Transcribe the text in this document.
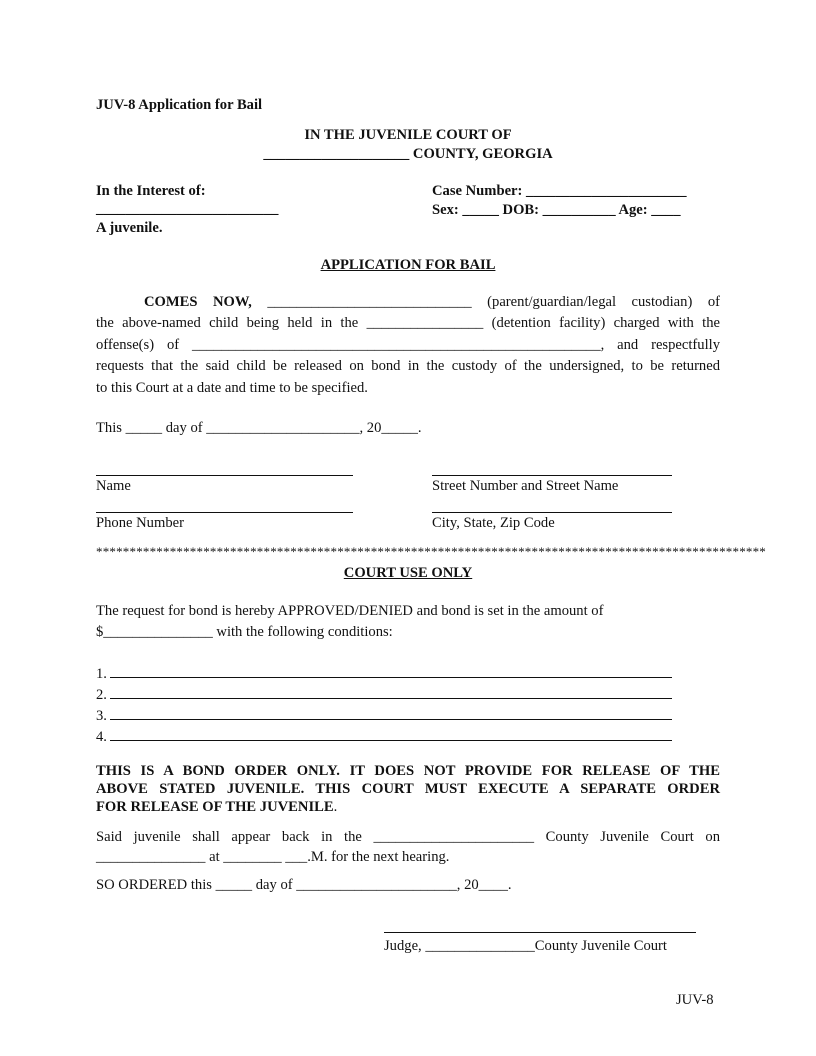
JUV-8 Application for Bail
IN THE JUVENILE COURT OF
____________________ COUNTY, GEORGIA
In the Interest of:
_________________________
A juvenile.
Case Number: ______________________
Sex: _____ DOB: __________ Age: ____
APPLICATION FOR BAIL
COMES NOW, ____________________________ (parent/guardian/legal custodian) of
the above-named child being held in the ________________ (detention facility) charged with the
offense(s) of ________________________________________________________, and respectfully
requests that the said child be released on bond in the custody of the undersigned, to be returned
to this Court at a date and time to be specified.
This _____ day of _____________________, 20_____.
Name	Street Number and Street Name
Phone Number	City, State, Zip Code
****************************************************************************************************
COURT USE ONLY
The request for bond is hereby APPROVED/DENIED and bond is set in the amount of
$_______________ with the following conditions:
1.
2.
3.
4.
THIS IS A BOND ORDER ONLY. IT DOES NOT PROVIDE FOR RELEASE OF THE
ABOVE STATED JUVENILE. THIS COURT MUST EXECUTE A SEPARATE ORDER
FOR RELEASE OF THE JUVENILE.
Said juvenile shall appear back in the ______________________ County Juvenile Court on
_______________ at ________ ___.M. for the next hearing.
SO ORDERED this _____ day of ______________________, 20____.
Judge, _______________County Juvenile Court
JUV-8
